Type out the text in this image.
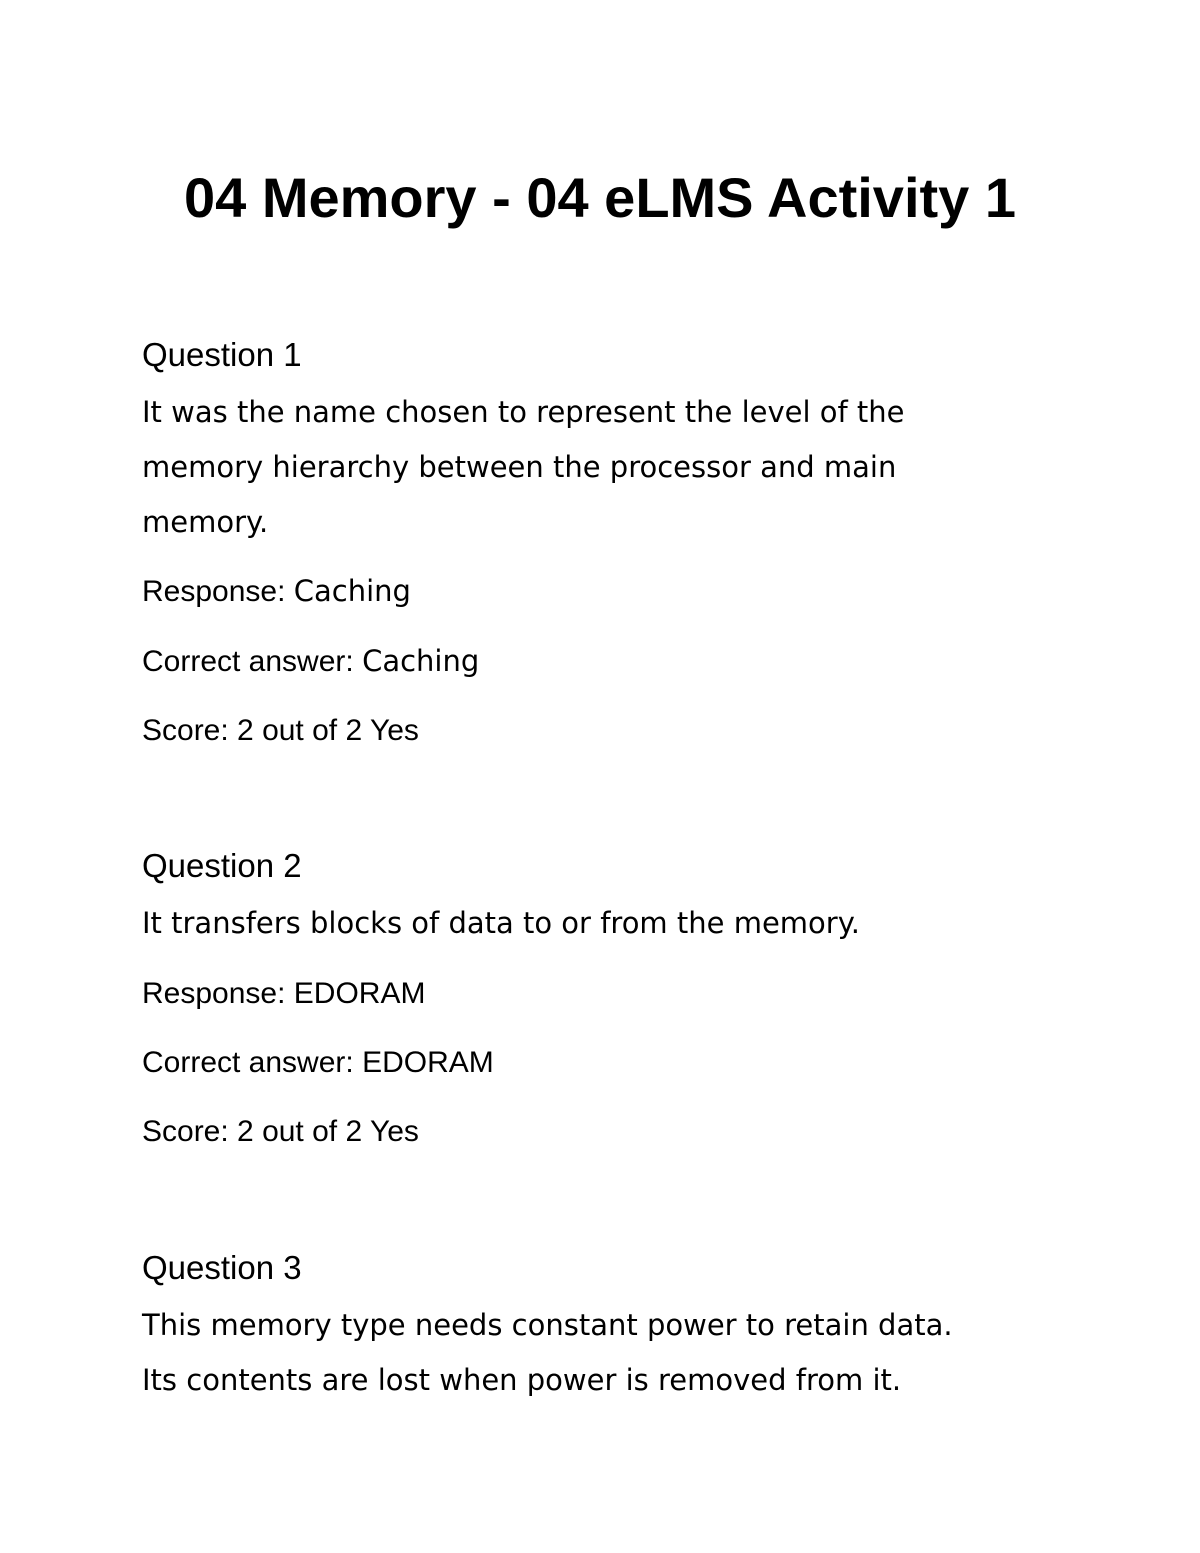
04 Memory - 04 eLMS Activity 1
Question 1
It was the name chosen to represent the level of the
memory hierarchy between the processor and main
memory.
Response: Caching
Correct answer: Caching
Score: 2 out of 2 Yes
Question 2
It transfers blocks of data to or from the memory.
Response: EDORAM
Correct answer: EDORAM
Score: 2 out of 2 Yes
Question 3
This memory type needs constant power to retain data.
Its contents are lost when power is removed from it.
